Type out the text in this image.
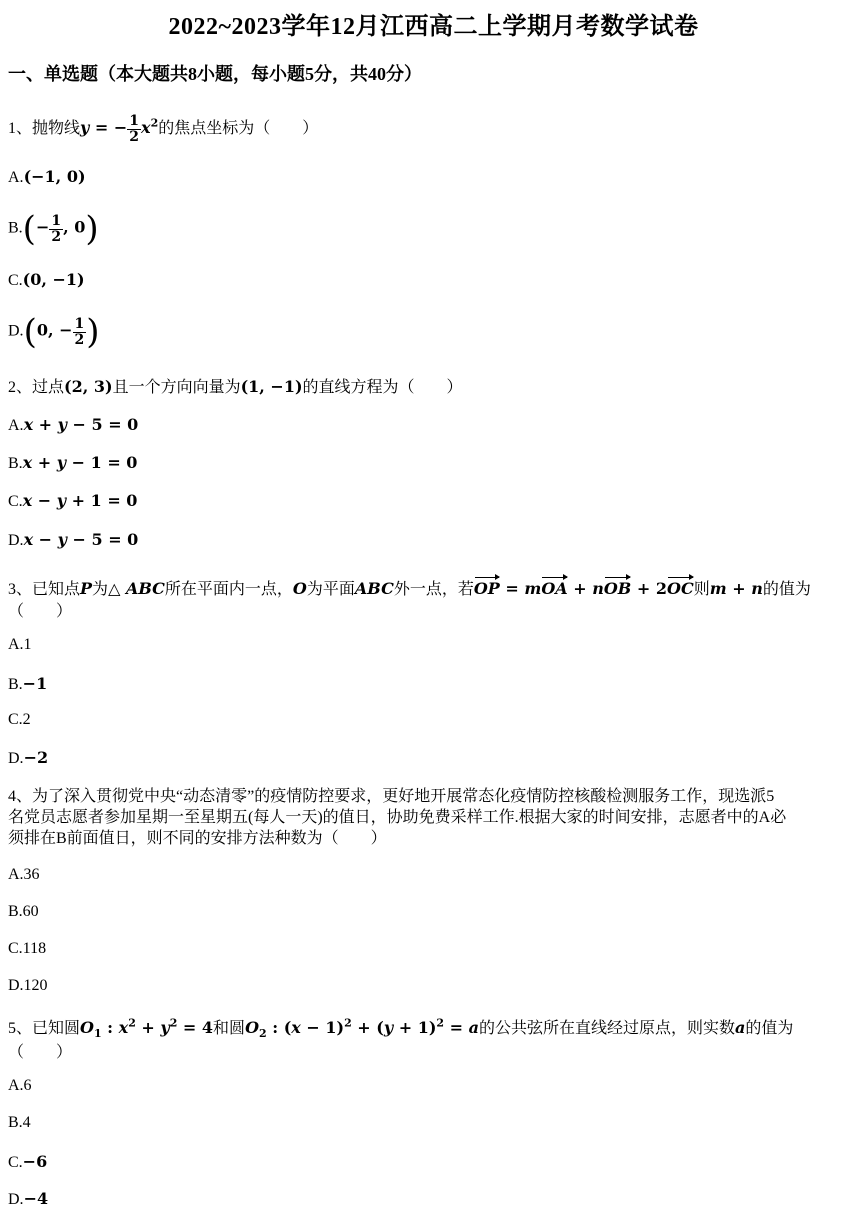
2022~2023学年12月江西高二上学期月考数学试卷
一、单选题（本大题共8小题，每小题5分，共40分）
1、抛物线y = − $\frac{1}{2} x^2$的焦点坐标为（　　）
A.(−1, 0)
$B.(- \frac{1}{2}$ , 0)
C.(0, −1)
D.(0, − $\frac{1}{2}$ )
2、过点(2, 3)且一个方向向量为(1, −1)的直线方程为（　　）
A.x + y − 5 = 0
B.x + y − 1 = 0
C.x − y + 1 = 0
D.x − y − 5 = 0
3、已知点P为△ ABC所在平面内一点，O为平面ABC外一点，若OP = mOA + nOB + 2OC则m + n的值为
（　　）
A.1
B.−1
C.2
D.−2
4、为了深入贯彻党中央“动态清零”的疫情防控要求，更好地开展常态化疫情防控核酸检测服务工作，现选派5
名党员志愿者参加星期一至星期五(每人一天)的值日，协助免费采样工作.根据大家的时间安排，志愿者中的A必
须排在B前面值日，则不同的安排方法种数为（　　）
A.36
B.60
C.118
D.120
5、已知圆$O_1$ : $x^2 + y^2 = 4$和圆$O_2$ : $(x - 1)^2 + (y + 1)^2 = a$的公共弦所在直线经过原点，则实数a的值为
（　　）
A.6
B.4
C.−6
D.−4
